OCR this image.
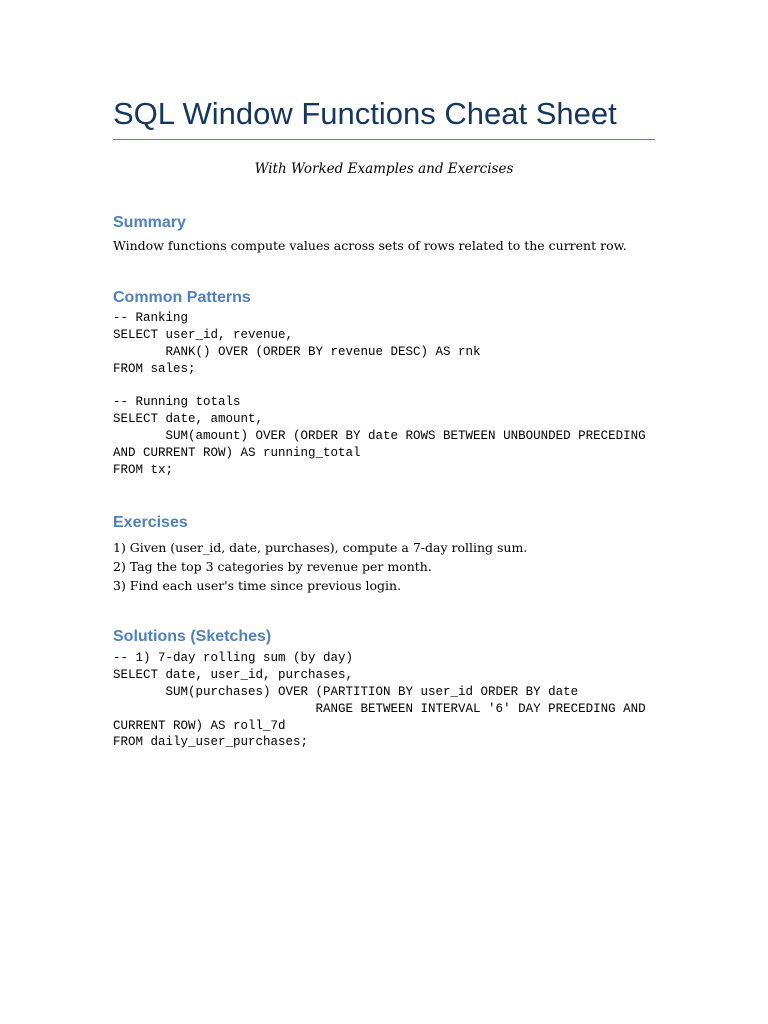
SQL Window Functions Cheat Sheet
With Worked Examples and Exercises
Summary

Window functions compute values across sets of rows related to the current row.

Common Patterns
-- Ranking
SELECT user_id, revenue,
RANK() OVER (ORDER BY revenue DESC) AS rnk
FROM sales;
-- Running totals
SELECT date, amount,
SUM(amount) OVER (ORDER BY date ROWS BETWEEN UNBOUNDED PRECEDING
AND CURRENT ROW) AS running_total
FROM tx;
Exercises
1) Given (user_id, date, purchases), compute a 7-day rolling sum.
2) Tag the top 3 categories by revenue per month.
3) Find each user's time since previous login.
Solutions (Sketches)
-- 1) 7-day rolling sum (by day)
SELECT date, user_id, purchases,
SUM(purchases) OVER (PARTITION BY user_id ORDER BY date
RANGE BETWEEN INTERVAL '6' DAY PRECEDING AND
CURRENT ROW) AS roll_7d
FROM daily_user_purchases;
